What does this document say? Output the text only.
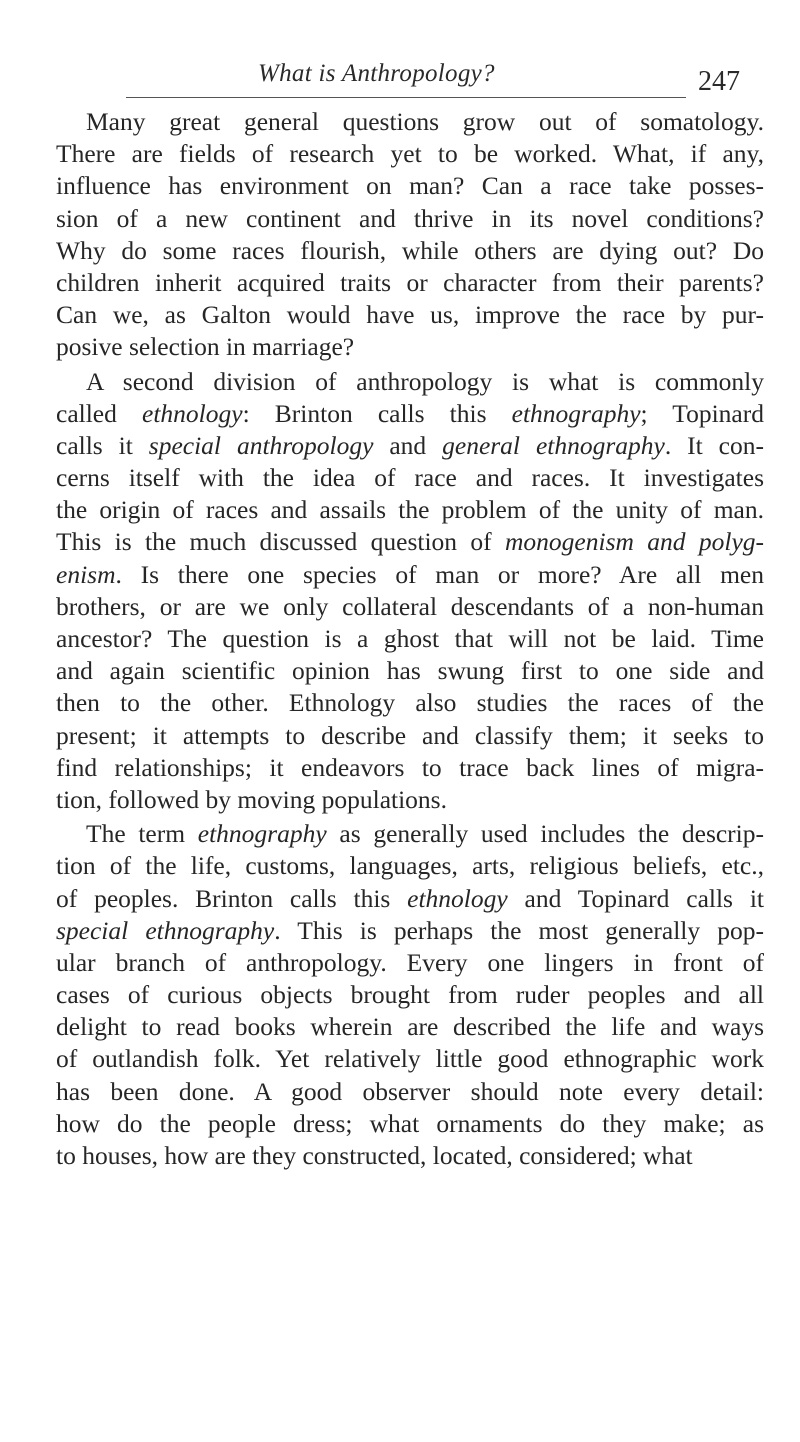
What is Anthropology?	247
Many great general questions grow out of somatology.
There are fields of research yet to be worked. What, if any,
influence has environment on man? Can a race take posses-
sion of a new continent and thrive in its novel conditions?
Why do some races flourish, while others are dying out? Do
children inherit acquired traits or character from their parents?
Can we, as Galton would have us, improve the race by pur-
posive selection in marriage?
A second division of anthropology is what is commonly
called ethnology: Brinton calls this ethnography; Topinard
calls it special anthropology and general ethnography. It con-
cerns itself with the idea of race and races. It investigates
the origin of races and assails the problem of the unity of man.
This is the much discussed question of monogenism and polyg-
enism. Is there one species of man or more? Are all men
brothers, or are we only collateral descendants of a non-human
ancestor? The question is a ghost that will not be laid. Time
and again scientific opinion has swung first to one side and
then to the other. Ethnology also studies the races of the
present; it attempts to describe and classify them; it seeks to
find relationships; it endeavors to trace back lines of migra-
tion, followed by moving populations.
The term ethnography as generally used includes the descrip-
tion of the life, customs, languages, arts, religious beliefs, etc.,
of peoples. Brinton calls this ethnology and Topinard calls it
special ethnography. This is perhaps the most generally pop-
ular branch of anthropology. Every one lingers in front of
cases of curious objects brought from ruder peoples and all
delight to read books wherein are described the life and ways
of outlandish folk. Yet relatively little good ethnographic work
has been done. A good observer should note every detail:
how do the people dress; what ornaments do they make; as
to houses, how are they constructed, located, considered; what
